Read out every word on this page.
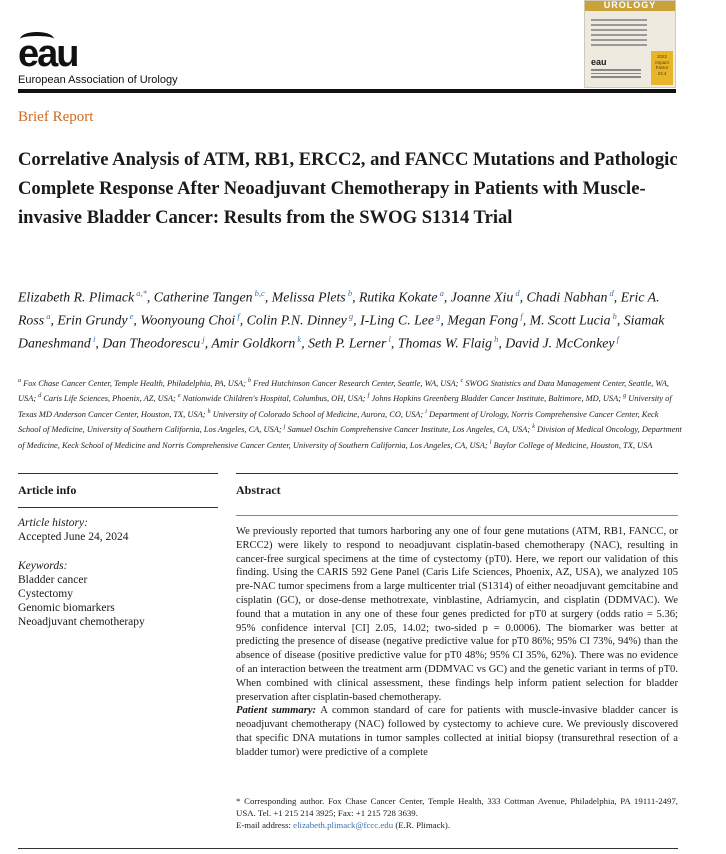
eau
European Association of Urology
UROLOGY
eau
2022 Impact Factor 23.4
Brief Report
Correlative Analysis of ATM, RB1, ERCC2, and FANCC Mutations and Pathologic Complete Response After Neoadjuvant Chemotherapy in Patients with Muscle-invasive Bladder Cancer: Results from the SWOG S1314 Trial
Elizabeth R. Plimack $^{a,*}$, Catherine Tangen $^{b,c}$, Melissa Plets $^b$, Rutika Kokate $^a$, Joanne Xiu $^d$, Chadi Nabhan $^d$, Eric A. Ross $^a$, Erin Grundy $^e$, Woonyoung Choi $^f$, Colin P.N. Dinney $^g$, I-Ling C. Lee $^g$, Megan Fong $^f$, M. Scott Lucia $^h$, Siamak Daneshmand $^i$, Dan Theodorescu $^j$, Amir Goldkorn $^k$, Seth P. Lerner $^l$, Thomas W. Flaig $^h$, David J. McConkey $^f$
$^a$ Fox Chase Cancer Center, Temple Health, Philadelphia, PA, USA; $^b$ Fred Hutchinson Cancer Research Center, Seattle, WA, USA; $^c$ SWOG Statistics and Data Management Center, Seattle, WA, USA; $^d$ Caris Life Sciences, Phoenix, AZ, USA; $^e$ Nationwide Children's Hospital, Columbus, OH, USA; $^f$ Johns Hopkins Greenberg Bladder Cancer Institute, Baltimore, MD, USA; $^g$ University of Texas MD Anderson Cancer Center, Houston, TX, USA; $^h$ University of Colorado School of Medicine, Aurora, CO, USA; $^i$ Department of Urology, Norris Comprehensive Cancer Center, Keck School of Medicine, University of Southern California, Los Angeles, CA, USA; $^j$ Samuel Oschin Comprehensive Cancer Institute, Los Angeles, CA, USA; $^k$ Division of Medical Oncology, Department of Medicine, Keck School of Medicine and Norris Comprehensive Cancer Center, University of Southern California, Los Angeles, CA, USA; $^l$ Baylor College of Medicine, Houston, TX, USA
Article info
Article history:
Accepted June 24, 2024
Keywords:
Bladder cancer
Cystectomy
Genomic biomarkers
Neoadjuvant chemotherapy
Abstract

We previously reported that tumors harboring any one of four gene mutations (ATM, RB1, FANCC, or ERCC2) were likely to respond to neoadjuvant cisplatin-based chemotherapy (NAC), resulting in cancer-free surgical specimens at the time of cystectomy (pT0). Here, we report our validation of this finding. Using the CARIS 592 Gene Panel (Caris Life Sciences, Phoenix, AZ, USA), we analyzed 105 pre-NAC tumor specimens from a large multicenter trial (S1314) of either neoadjuvant gemcitabine and cisplatin (GC), or dose-dense methotrexate, vinblastine, Adriamycin, and cisplatin (DDMVAC). We found that a mutation in any one of these four genes predicted for pT0 at surgery (odds ratio = 5.36; 95% confidence interval [CI] 2.05, 14.02; two-sided p = 0.0006). The biomarker was better at predicting the presence of disease (negative predictive value for pT0 86%; 95% CI 73%, 94%) than the absence of disease (positive predictive value for pT0 48%; 95% CI 35%, 62%). There was no evidence of an interaction between the treatment arm (DDMVAC vs GC) and the genetic variant in terms of pT0. When combined with clinical assessment, these findings help inform patient selection for bladder preservation after cisplatin-based chemotherapy.

Patient summary: A common standard of care for patients with muscle-invasive bladder cancer is neoadjuvant chemotherapy (NAC) followed by cystectomy to achieve cure. We previously discovered that specific DNA mutations in tumor samples collected at initial biopsy (transurethral resection of a bladder tumor) were predictive of a complete

* Corresponding author. Fox Chase Cancer Center, Temple Health, 333 Cottman Avenue, Philadelphia, PA 19111-2497, USA. Tel. +1 215 214 3925; Fax: +1 215 728 3639.
E-mail address: elizabeth.plimack@fccc.edu (E.R. Plimack).
